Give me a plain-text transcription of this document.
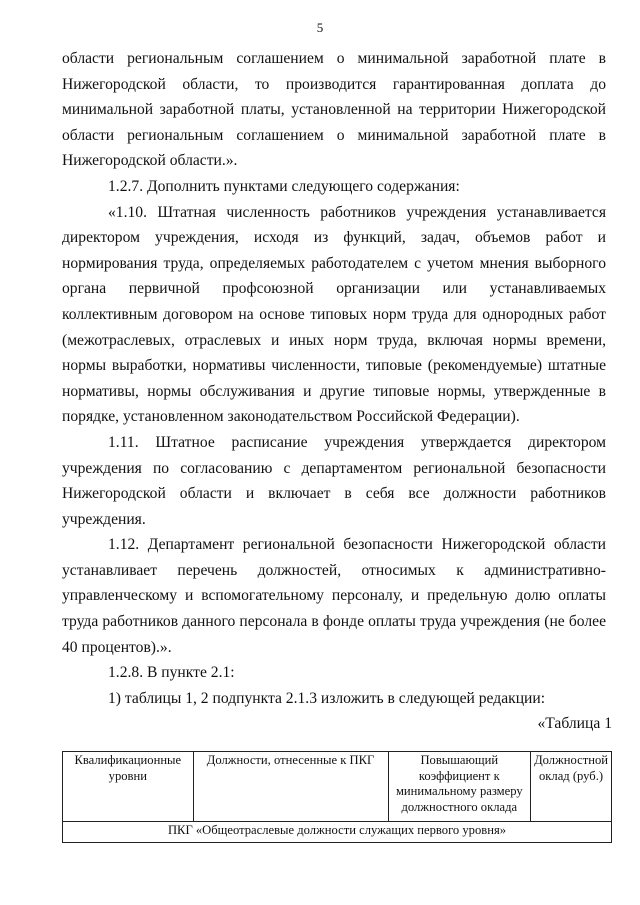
5

области региональным соглашением о минимальной заработной плате в Нижегородской области, то производится гарантированная доплата до минимальной заработной платы, установленной на территории Нижегородской области региональным соглашением о минимальной заработной плате в Нижегородской области.».

1.2.7. Дополнить пунктами следующего содержания:

«1.10. Штатная численность работников учреждения устанавливается директором учреждения, исходя из функций, задач, объемов работ и нормирования труда, определяемых работодателем с учетом мнения выборного органа первичной профсоюзной организации или устанавливаемых коллективным договором на основе типовых норм труда для однородных работ (межотраслевых, отраслевых и иных норм труда, включая нормы времени, нормы выработки, нормативы численности, типовые (рекомендуемые) штатные нормативы, нормы обслуживания и другие типовые нормы, утвержденные в порядке, установленном законодательством Российской Федерации).

1.11. Штатное расписание учреждения утверждается директором учреждения по согласованию с департаментом региональной безопасности Нижегородской области и включает в себя все должности работников учреждения.

1.12. Департамент региональной безопасности Нижегородской области устанавливает перечень должностей, относимых к административно-управленческому и вспомогательному персоналу, и предельную долю оплаты труда работников данного персонала в фонде оплаты труда учреждения (не более 40 процентов).».

1.2.8. В пункте 2.1:

1) таблицы 1, 2 подпункта 2.1.3 изложить в следующей редакции:

«Таблица 1

Квалификационные уровни	Должности, отнесенные к ПКГ	Повышающий коэффициент к минимальному размеру должностного оклада	Должностной оклад (руб.)
ПКГ «Общеотраслевые должности служащих первого уровня»
